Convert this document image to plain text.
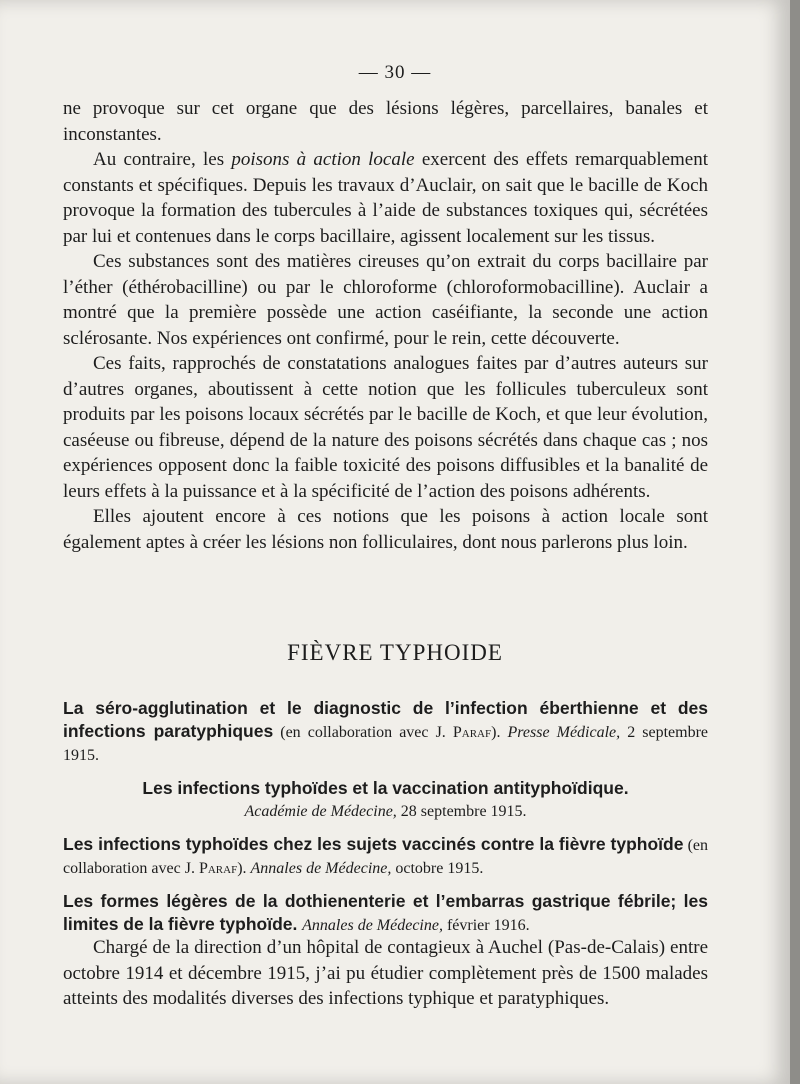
— 30 —

ne provoque sur cet organe que des lésions légères, parcellaires, banales et inconstantes.

Au contraire, les poisons à action locale exercent des effets remarquablement constants et spécifiques. Depuis les travaux d’Auclair, on sait que le bacille de Koch provoque la formation des tubercules à l’aide de substances toxiques qui, sécrétées par lui et contenues dans le corps bacillaire, agissent localement sur les tissus.

Ces substances sont des matières cireuses qu’on extrait du corps bacillaire par l’éther (éthérobacilline) ou par le chloroforme (chloroformobacilline). Auclair a montré que la première possède une action caséifiante, la seconde une action sclérosante. Nos expériences ont confirmé, pour le rein, cette découverte.

Ces faits, rapprochés de constatations analogues faites par d’autres auteurs sur d’autres organes, aboutissent à cette notion que les follicules tuberculeux sont produits par les poisons locaux sécrétés par le bacille de Koch, et que leur évolution, caséeuse ou fibreuse, dépend de la nature des poisons sécrétés dans chaque cas ; nos expériences opposent donc la faible toxicité des poisons diffusibles et la banalité de leurs effets à la puissance et à la spécificité de l’action des poisons adhérents.

Elles ajoutent encore à ces notions que les poisons à action locale sont également aptes à créer les lésions non folliculaires, dont nous parlerons plus loin.

FIÈVRE TYPHOIDE
La séro-agglutination et le diagnostic de l’infection éberthienne et des infections paratyphiques (en collaboration avec J. Paraf). Presse Médicale, 2 septembre 1915.
Les infections typhoïdes et la vaccination antityphoïdique.
Académie de Médecine, 28 septembre 1915.
Les infections typhoïdes chez les sujets vaccinés contre la fièvre typhoïde (en collaboration avec J. Paraf). Annales de Médecine, octobre 1915.
Les formes légères de la dothienenterie et l’embarras gastrique fébrile; les limites de la fièvre typhoïde. Annales de Médecine, février 1916.

Chargé de la direction d’un hôpital de contagieux à Auchel (Pas-de-Calais) entre octobre 1914 et décembre 1915, j’ai pu étudier complètement près de 1500 malades atteints des modalités diverses des infections typhique et paratyphiques.
